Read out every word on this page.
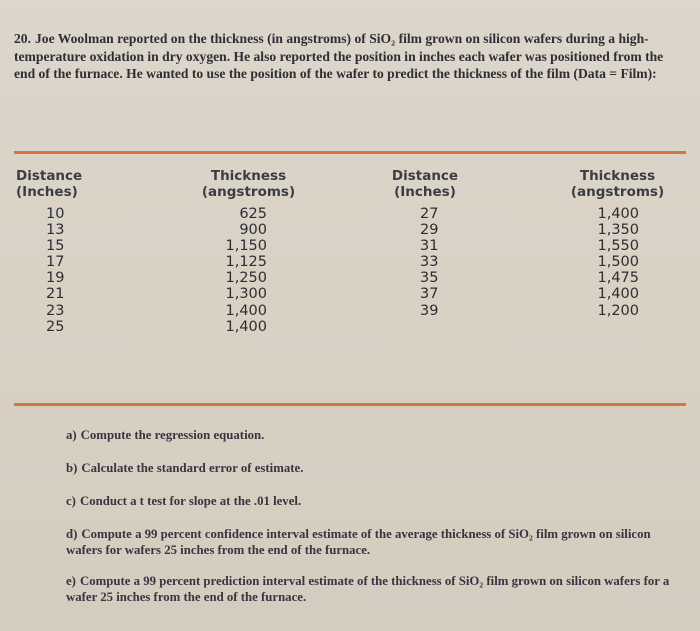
20. Joe Woolman reported on the thickness (in angstroms) of SiO₂ film grown on silicon wafers during a high-temperature oxidation in dry oxygen. He also reported the position in inches each wafer was positioned from the end of the furnace. He wanted to use the position of the wafer to predict the thickness of the film (Data = Film):
Distance
(Inches)
10
13
15
17
19
21
23
25
Thickness
(angstroms)
625
900
1,150
1,125
1,250
1,300
1,400
1,400
Distance
(Inches)
27
29
31
33
35
37
39
Thickness
(angstroms)
1,400
1,350
1,550
1,500
1,475
1,400
1,200
a) Compute the regression equation.
b) Calculate the standard error of estimate.
c) Conduct a t test for slope at the .01 level.
d) Compute a 99 percent confidence interval estimate of the average thickness of SiO₂ film grown on silicon wafers for wafers 25 inches from the end of the furnace.
e) Compute a 99 percent prediction interval estimate of the thickness of SiO₂ film grown on silicon wafers for a wafer 25 inches from the end of the furnace.
